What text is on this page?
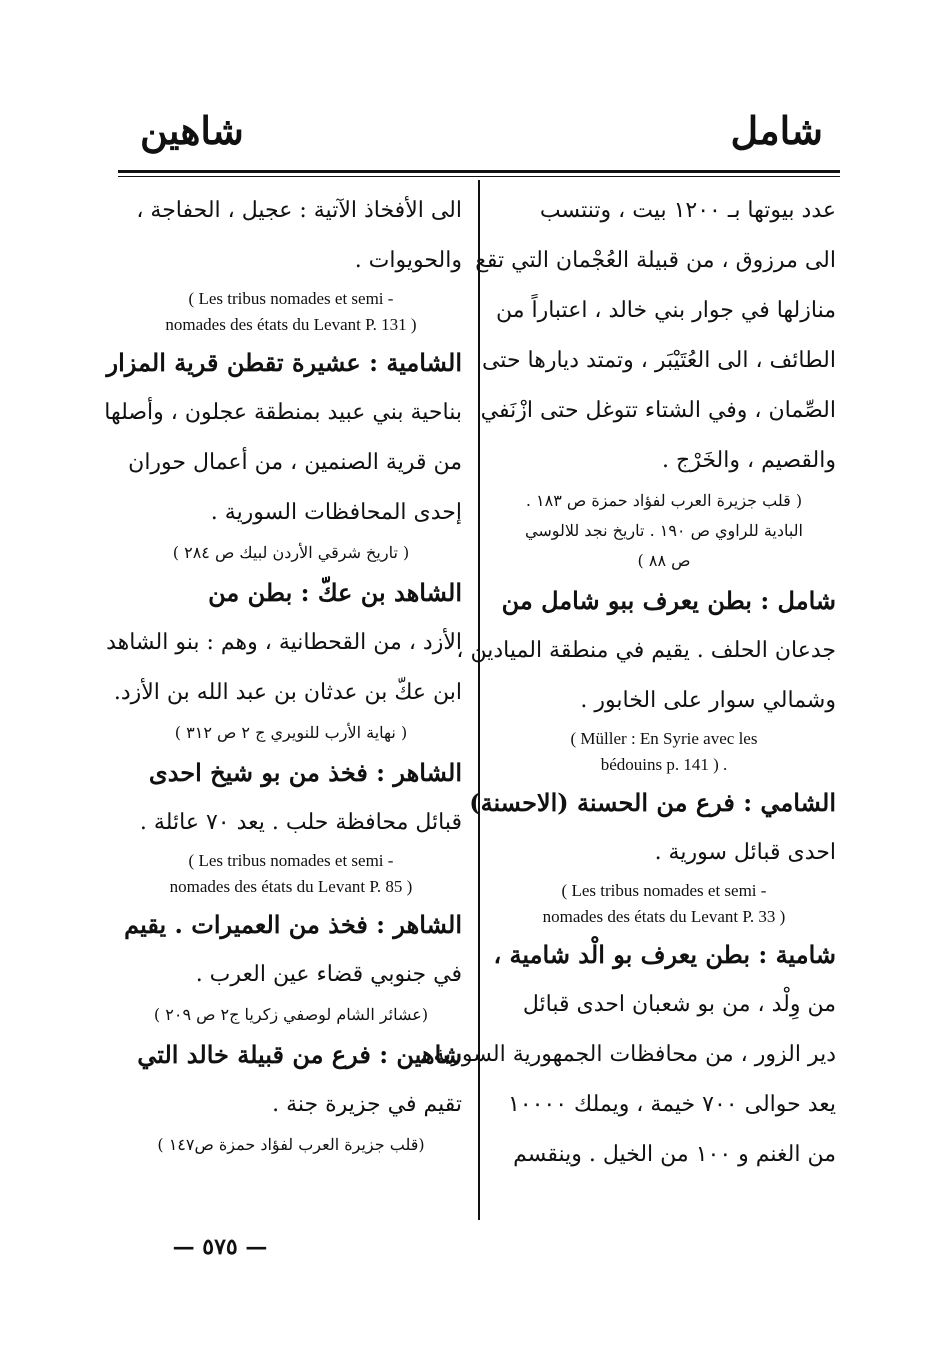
شامل
شاهين
عدد بيوتها بـ ١٢٠٠ بيت ، وتنتسب
الى مرزوق ، من قبيلة العُجْمان التي تقع
منازلها في جوار بني خالد ، اعتباراً من
الطائف ، الى العُتَيْبَر ، وتمتد ديارها حتى
الصِّمان ، وفي الشتاء تتوغل حتى ازْنَفي
والقصيم ، والخَرْج .
( قلب جزيرة العرب لفؤاد حمزة ص ١٨٣ .
البادية للراوي ص ١٩٠ . تاريخ نجد للالوسي
ص ٨٨ )
شامل : بطن يعرف ببو شامل من
جدعان الحلف . يقيم في منطقة الميادين ،
وشمالي سوار على الخابور .
( Müller : En Syrie avec les
bédouins p. 141 ) .
الشامي : فرع من الحسنة (الاحسنة)
احدى قبائل سورية .
( Les tribus nomades et semi -
nomades des états du Levant P. 33 )
شامية : بطن يعرف بو الْد شامية ،
من وِلْد ، من بو شعبان احدى قبائل
دير الزور ، من محافظات الجمهورية السورية .
يعد حوالى ٧٠٠ خيمة ، ويملك ١٠٠٠٠
من الغنم و ١٠٠ من الخيل . وينقسم
الى الأفخاذ الآتية : عجيل ، الحفاجة ،
والحويوات .
( Les tribus nomades et semi -
nomades des états du Levant P. 131 )
الشامية : عشيرة تقطن قرية المزار
بناحية بني عبيد بمنطقة عجلون ، وأصلها
من قرية الصنمين ، من أعمال حوران
إحدى المحافظات السورية .
( تاريخ شرقي الأردن لبيك ص ٢٨٤ )
الشاهد بن عكّ : بطن من
الأزد ، من القحطانية ، وهم : بنو الشاهد
ابن عكّ بن عدثان بن عبد الله بن الأزد.
( نهاية الأرب للنويري ج ٢ ص ٣١٢ )
الشاهر : فخذ من بو شيخ احدى
قبائل محافظة حلب . يعد ٧٠ عائلة .
( Les tribus nomades et semi -
nomades des états du Levant P. 85 )
الشاهر : فخذ من العميرات . يقيم
في جنوبي قضاء عين العرب .
(عشائر الشام لوصفي زكريا ج٢ ص ٢٠٩ )
شاهين : فرع من قبيلة خالد التي
تقيم في جزيرة جنة .
(قلب جزيرة العرب لفؤاد حمزة ص١٤٧ )
— ٥٧٥ —
